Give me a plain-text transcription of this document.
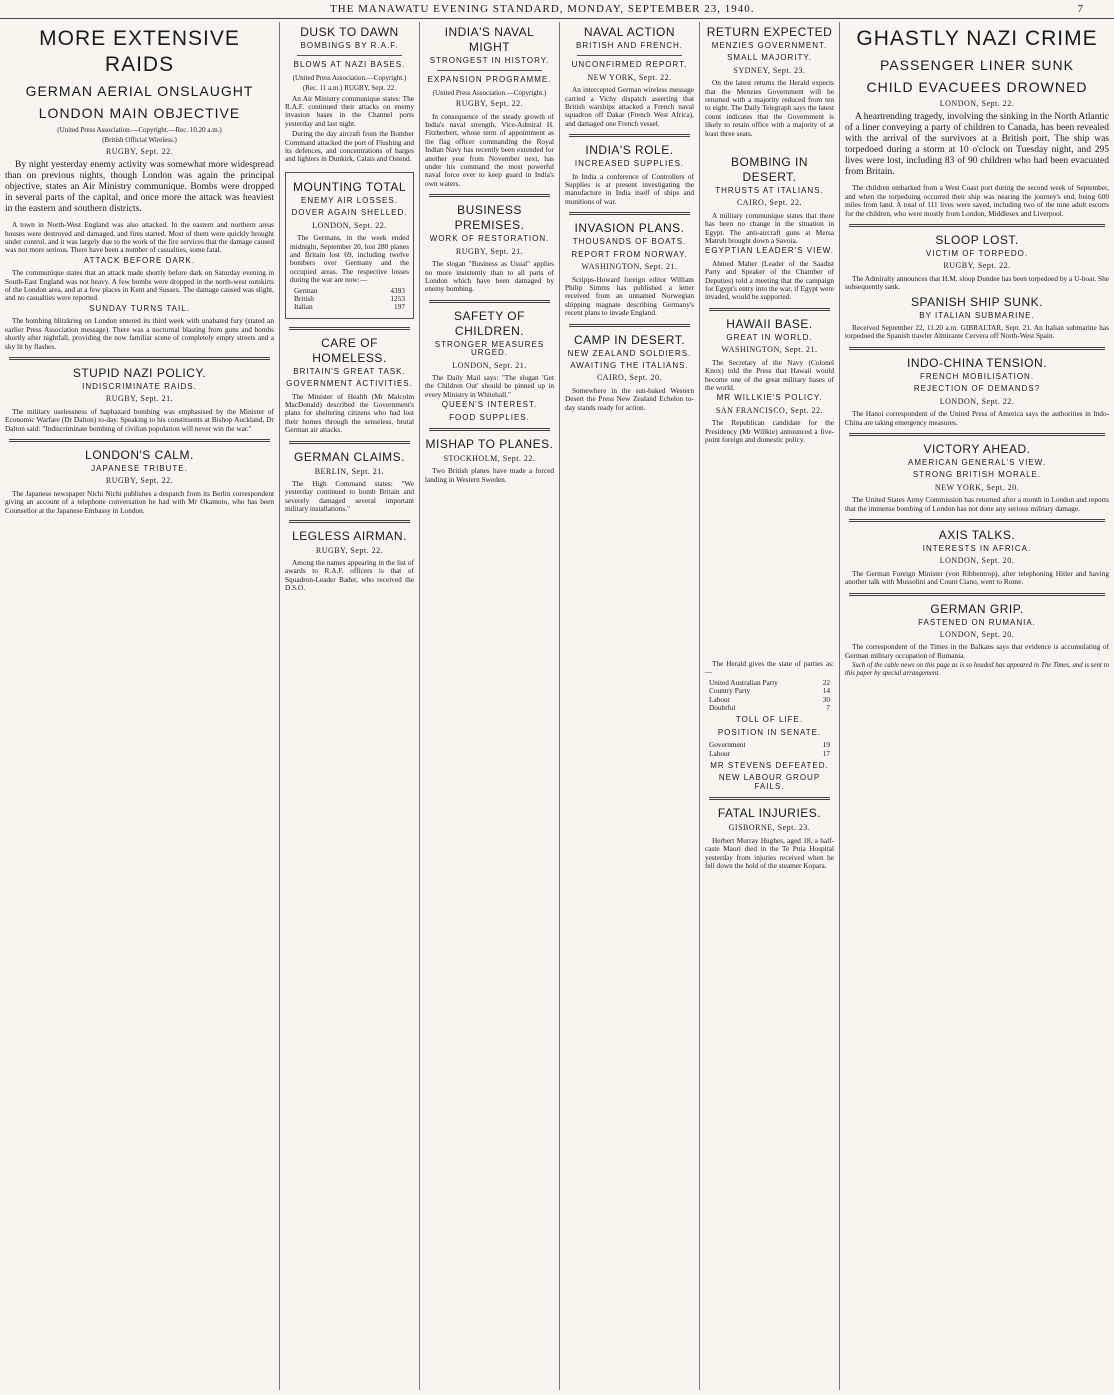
THE MANAWATU EVENING STANDARD, MONDAY, SEPTEMBER 23, 1940.	7
MORE EXTENSIVE RAIDS
GERMAN AERIAL ONSLAUGHT
LONDON MAIN OBJECTIVE
(United Press Association.—Copyright.—Rec. 10.20 a.m.)
(British Official Wireless.)
RUGBY, Sept. 22.

By night yesterday enemy activity was somewhat more widespread than on previous nights, though London was again the principal objective, states an Air Ministry communique. Bombs were dropped in several parts of the capital, and once more the attack was heaviest in the eastern and southern districts.

A town in North-West England was also attacked. In the eastern and northern areas houses were destroyed and damaged, and fires started. Most of them were quickly brought under control, and it was largely due to the work of the fire services that the damage caused was not more serious. There have been a number of casualties, some fatal.

ATTACK BEFORE DARK.

The communique states that an attack made shortly before dark on Saturday evening in South-East England was not heavy. A few bombs were dropped in the north-west outskirts of the London area, and at a few places in Kent and Sussex. The damage caused was slight, and no casualties were reported.

SUNDAY TURNS TAIL.

The bombing blitzkrieg on London entered its third week with unabated fury (stated an earlier Press Association message). There was a nocturnal blasting from guns and bombs shortly after nightfall, providing the now familiar scene of completely empty streets and a sky lit by flashes.

STUPID NAZI POLICY.
INDISCRIMINATE RAIDS.
RUGBY, Sept. 21.

The military uselessness of haphazard bombing was emphasised by the Minister of Economic Warfare (Dr Dalton) to-day. Speaking to his constituents at Bishop Auckland, Dr Dalton said: "Indiscriminate bombing of civilian population will never win the war."

LONDON'S CALM.
JAPANESE TRIBUTE.
RUGBY, Sept. 22.

The Japanese newspaper Nichi Nichi publishes a despatch from its Berlin correspondent giving an account of a telephone conversation he had with Mr Okamoto, who has been Counsellor at the Japanese Embassy in London.

DUSK TO DAWN
BOMBINGS BY R.A.F.
BLOWS AT NAZI BASES.
(United Press Association.—Copyright.)
(Rec. 11 a.m.) RUGBY, Sept. 22.

An Air Ministry communique states: The R.A.F. continued their attacks on enemy invasion bases in the Channel ports yesterday and last night.

During the day aircraft from the Bomber Command attacked the port of Flushing and its defences, and concentrations of barges and lighters in Dunkirk, Calais and Ostend.

MOUNTING TOTAL
ENEMY AIR LOSSES.
DOVER AGAIN SHELLED.
LONDON, Sept. 22.

The Germans, in the week ended midnight, September 20, lost 280 planes and Britain lost 69, including twelve bombers over Germany and the occupied areas. The respective losses during the war are now:—

German	4393
British	1253
Italian	197
CARE OF HOMELESS.
BRITAIN'S GREAT TASK.
GOVERNMENT ACTIVITIES.

The Minister of Health (Mr Malcolm MacDonald) described the Government's plans for sheltering citizens who had lost their homes through the senseless, brutal German air attacks.

GERMAN CLAIMS.
BERLIN, Sept. 21.

The High Command states: "We yesterday continued to bomb Britain and severely damaged several important military installations."

LEGLESS AIRMAN.
RUGBY, Sept. 22.

Among the names appearing in the list of awards to R.A.F. officers is that of Squadron-Leader Bader, who received the D.S.O.

INDIA'S NAVAL MIGHT
STRONGEST IN HISTORY.
EXPANSION PROGRAMME.
(United Press Association.—Copyright.)
RUGBY, Sept. 22.

In consequence of the steady growth of India's naval strength, Vice-Admiral H. Fitzherbert, whose term of appointment as the flag officer commanding the Royal Indian Navy has recently been extended for another year from November next, has under his command the most powerful naval force ever to keep guard in India's own waters.

BUSINESS PREMISES.
WORK OF RESTORATION.
RUGBY, Sept. 21.

The slogan "Business as Usual" applies no more insistently than to all parts of London which have been damaged by enemy bombing.

SAFETY OF CHILDREN.
STRONGER MEASURES URGED.
LONDON, Sept. 21.

The Daily Mail says: "The slogan 'Get the Children Out' should be pinned up in every Ministry in Whitehall."

QUEEN'S INTEREST.
FOOD SUPPLIES.
MISHAP TO PLANES.
STOCKHOLM, Sept. 22.

Two British planes have made a forced landing in Western Sweden.

NAVAL ACTION
BRITISH AND FRENCH.
UNCONFIRMED REPORT.
NEW YORK, Sept. 22.

An intercepted German wireless message carried a Vichy dispatch asserting that British warships attacked a French naval squadron off Dakar (French West Africa), and damaged one French vessel.

INDIA'S ROLE.
INCREASED SUPPLIES.

In India a conference of Controllers of Supplies is at present investigating the manufacture in India itself of ships and munitions of war.

INVASION PLANS.
THOUSANDS OF BOATS.
REPORT FROM NORWAY.
WASHINGTON, Sept. 21.

Scripps-Howard foreign editor William Philip Simms has published a letter received from an unnamed Norwegian shipping magnate describing Germany's recent plans to invade England.

CAMP IN DESERT.
NEW ZEALAND SOLDIERS.
AWAITING THE ITALIANS.
CAIRO, Sept. 20.

Somewhere in the sun-baked Western Desert the Press New Zealand Echelon to-day stands ready for action.

BOMBING IN DESERT.
THRUSTS AT ITALIANS.
CAIRO, Sept. 22.

A military communique states that there has been no change in the situation in Egypt. The anti-aircraft guns at Mersa Matruh brought down a Savoia.

EGYPTIAN LEADER'S VIEW.

Ahmed Maher (Leader of the Saadist Party and Speaker of the Chamber of Deputies) told a meeting that the campaign for Egypt's entry into the war, if Egypt were invaded, would be supported.

HAWAII BASE.
GREAT IN WORLD.
WASHINGTON, Sept. 21.

The Secretary of the Navy (Colonel Knox) told the Press that Hawaii would become one of the great military bases of the world.

MR WILLKIE'S POLICY.
SAN FRANCISCO, Sept. 22.

The Republican candidate for the Presidency (Mr Willkie) announced a five-point foreign and domestic policy.

RETURN EXPECTED
MENZIES GOVERNMENT.
SMALL MAJORITY.
SYDNEY, Sept. 23.

On the latest returns the Herald expects that the Menzies Government will be returned with a majority reduced from ten to eight. The Daily Telegraph says the latest count indicates that the Government is likely to retain office with a majority of at least three seats.

GHASTLY NAZI CRIME
PASSENGER LINER SUNK
CHILD EVACUEES DROWNED
LONDON, Sept. 22.

A heartrending tragedy, involving the sinking in the North Atlantic of a liner conveying a party of children to Canada, has been revealed with the arrival of the survivors at a British port. The ship was torpedoed during a storm at 10 o'clock on Tuesday night, and 295 lives were lost, including 83 of 90 children who had been evacuated from Britain.

The children embarked from a West Coast port during the second week of September, and when the torpedoing occurred their ship was nearing the journey's end, being 600 miles from land. A total of 111 lives were saved, including two of the nine adult escorts for the children, who were mostly from London, Middlesex and Liverpool.

SLOOP LOST.
VICTIM OF TORPEDO.
RUGBY, Sept. 22.

The Admiralty announces that H.M. sloop Dundee has been torpedoed by a U-boat. She subsequently sank.

SPANISH SHIP SUNK.
BY ITALIAN SUBMARINE.

Received September 22, 11.20 a.m. GIBRALTAR, Sept. 21. An Italian submarine has torpedoed the Spanish trawler Almirante Cervera off North-West Spain.

INDO-CHINA TENSION.
FRENCH MOBILISATION.
REJECTION OF DEMANDS?
LONDON, Sept. 22.

The Hanoi correspondent of the United Press of America says the authorities in Indo-China are taking emergency measures.

VICTORY AHEAD.
AMERICAN GENERAL'S VIEW.
STRONG BRITISH MORALE.
NEW YORK, Sept. 20.

The United States Army Commission has returned after a month in London and reports that the immense bombing of London has not done any serious military damage.

AXIS TALKS.
INTERESTS IN AFRICA.
LONDON, Sept. 20.

The German Foreign Minister (von Ribbentrop), after telephoning Hitler and having another talk with Mussolini and Count Ciano, went to Rome.

GERMAN GRIP.
FASTENED ON RUMANIA.
LONDON, Sept. 20.

The correspondent of the Times in the Balkans says that evidence is accumulating of German military occupation of Rumania.

Such of the cable news on this page as is so headed has appeared in The Times, and is sent to this paper by special arrangement.

The Herald gives the state of parties as:—

United Australian Party	22
Country Party	14
Labour	30
Doubtful	7
TOLL OF LIFE.
POSITION IN SENATE.
Government	19
Labour	17
MR STEVENS DEFEATED.
NEW LABOUR GROUP FAILS.
FATAL INJURIES.
GISBORNE, Sept. 23.

Herbert Murray Hughes, aged 18, a half-caste Maori died in the Te Puia Hospital yesterday from injuries received when he fell down the hold of the steamer Kopara.
